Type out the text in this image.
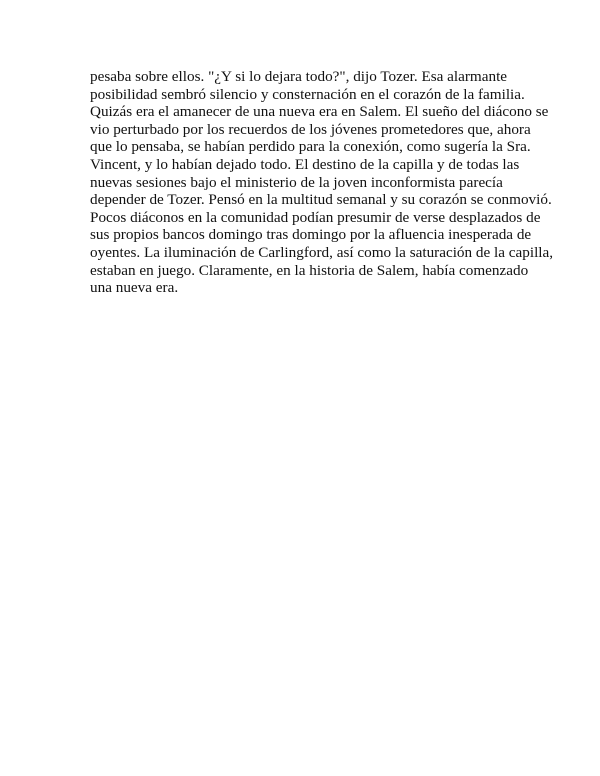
pesaba sobre ellos. "¿Y si lo dejara todo?", dijo Tozer. Esa alarmante
posibilidad sembró silencio y consternación en el corazón de la familia.
Quizás era el amanecer de una nueva era en Salem. El sueño del diácono se
vio perturbado por los recuerdos de los jóvenes prometedores que, ahora
que lo pensaba, se habían perdido para la conexión, como sugería la Sra.
Vincent, y lo habían dejado todo. El destino de la capilla y de todas las
nuevas sesiones bajo el ministerio de la joven inconformista parecía
depender de Tozer. Pensó en la multitud semanal y su corazón se conmovió.
Pocos diáconos en la comunidad podían presumir de verse desplazados de
sus propios bancos domingo tras domingo por la afluencia inesperada de
oyentes. La iluminación de Carlingford, así como la saturación de la capilla,
estaban en juego. Claramente, en la historia de Salem, había comenzado
una nueva era.
